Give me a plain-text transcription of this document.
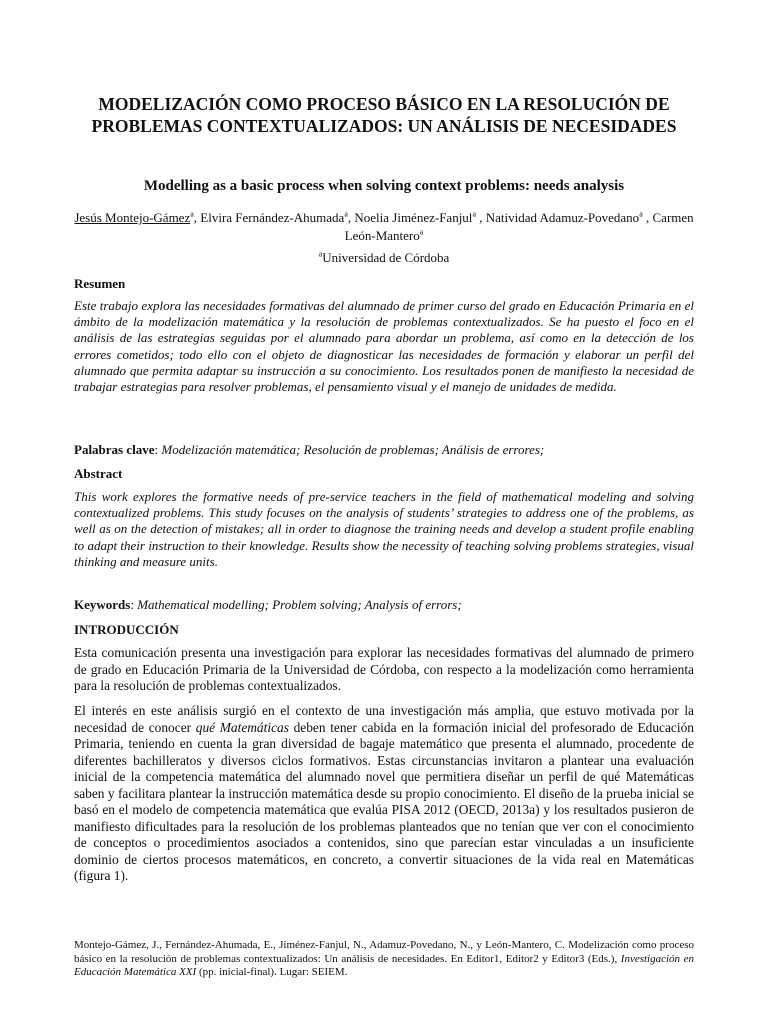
MODELIZACIÓN COMO PROCESO BÁSICO EN LA RESOLUCIÓN DE PROBLEMAS CONTEXTUALIZADOS: UN ANÁLISIS DE NECESIDADES
Modelling as a basic process when solving context problems: needs analysis
Jesús Montejo-Gámez$^a$, Elvira Fernández-Ahumada$^a$, Noelia Jiménez-Fanjul$^a$ , Natividad Adamuz-Povedano$^a$ , Carmen León-Mantero$^a$
$^a$Universidad de Córdoba
Resumen

Este trabajo explora las necesidades formativas del alumnado de primer curso del grado en Educación Primaria en el ámbito de la modelización matemática y la resolución de problemas contextualizados. Se ha puesto el foco en el análisis de las estrategias seguidas por el alumnado para abordar un problema, así como en la detección de los errores cometidos; todo ello con el objeto de diagnosticar las necesidades de formación y elaborar un perfil del alumnado que permita adaptar su instrucción a su conocimiento. Los resultados ponen de manifiesto la necesidad de trabajar estrategias para resolver problemas, el pensamiento visual y el manejo de unidades de medida.

Palabras clave: Modelización matemática; Resolución de problemas; Análisis de errores;

Abstract

This work explores the formative needs of pre-service teachers in the field of mathematical modeling and solving contextualized problems. This study focuses on the analysis of students’ strategies to address one of the problems, as well as on the detection of mistakes; all in order to diagnose the training needs and develop a student profile enabling to adapt their instruction to their knowledge. Results show the necessity of teaching solving problems strategies, visual thinking and measure units.

Keywords: Mathematical modelling; Problem solving; Analysis of errors;

INTRODUCCIÓN

Esta comunicación presenta una investigación para explorar las necesidades formativas del alumnado de primero de grado en Educación Primaria de la Universidad de Córdoba, con respecto a la modelización como herramienta para la resolución de problemas contextualizados.

El interés en este análisis surgió en el contexto de una investigación más amplia, que estuvo motivada por la necesidad de conocer qué Matemáticas deben tener cabida en la formación inicial del profesorado de Educación Primaria, teniendo en cuenta la gran diversidad de bagaje matemático que presenta el alumnado, procedente de diferentes bachilleratos y diversos ciclos formativos. Estas circunstancias invitaron a plantear una evaluación inicial de la competencia matemática del alumnado novel que permitiera diseñar un perfil de qué Matemáticas saben y facilitara plantear la instrucción matemática desde su propio conocimiento. El diseño de la prueba inicial se basó en el modelo de competencia matemática que evalúa PISA 2012 (OECD, 2013a) y los resultados pusieron de manifiesto dificultades para la resolución de los problemas planteados que no tenían que ver con el conocimiento de conceptos o procedimientos asociados a contenidos, sino que parecían estar vinculadas a un insuficiente dominio de ciertos procesos matemáticos, en concreto, a convertir situaciones de la vida real en Matemáticas (figura 1).

Montejo-Gámez, J., Fernández-Ahumada, E., Jiménez-Fanjul, N., Adamuz-Povedano, N., y León-Mantero, C. Modelización como proceso básico en la resolución de problemas contextualizados: Un análisis de necesidades. En Editor1, Editor2 y Editor3 (Eds.), Investigación en Educación Matemática XXI (pp. inicial-final). Lugar: SEIEM.
